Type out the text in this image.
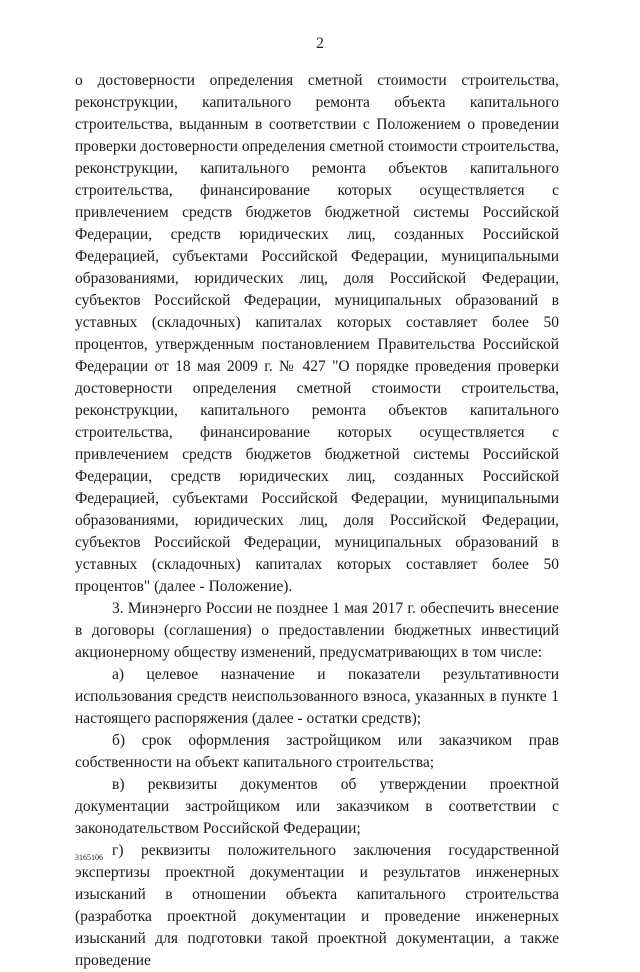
2

о достоверности определения сметной стоимости строительства, реконструкции, капитального ремонта объекта капитального строительства, выданным в соответствии с Положением о проведении проверки достоверности определения сметной стоимости строительства, реконструкции, капитального ремонта объектов капитального строительства, финансирование которых осуществляется с привлечением средств бюджетов бюджетной системы Российской Федерации, средств юридических лиц, созданных Российской Федерацией, субъектами Российской Федерации, муниципальными образованиями, юридических лиц, доля Российской Федерации, субъектов Российской Федерации, муниципальных образований в уставных (складочных) капиталах которых составляет более 50 процентов, утвержденным постановлением Правительства Российской Федерации от 18 мая 2009 г. № 427 "О порядке проведения проверки достоверности определения сметной стоимости строительства, реконструкции, капитального ремонта объектов капитального строительства, финансирование которых осуществляется с привлечением средств бюджетов бюджетной системы Российской Федерации, средств юридических лиц, созданных Российской Федерацией, субъектами Российской Федерации, муниципальными образованиями, юридических лиц, доля Российской Федерации, субъектов Российской Федерации, муниципальных образований в уставных (складочных) капиталах которых составляет более 50 процентов" (далее - Положение).

3. Минэнерго России не позднее 1 мая 2017 г. обеспечить внесение в договоры (соглашения) о предоставлении бюджетных инвестиций акционерному обществу изменений, предусматривающих в том числе:

а) целевое назначение и показатели результативности использования средств неиспользованного взноса, указанных в пункте 1 настоящего распоряжения (далее - остатки средств);

б) срок оформления застройщиком или заказчиком прав собственности на объект капитального строительства;

в) реквизиты документов об утверждении проектной документации застройщиком или заказчиком в соответствии с законодательством Российской Федерации;

г) реквизиты положительного заключения государственной экспертизы проектной документации и результатов инженерных изысканий в отношении объекта капитального строительства (разработка проектной документации и проведение инженерных изысканий для подготовки такой проектной документации, а также проведение

3165106
